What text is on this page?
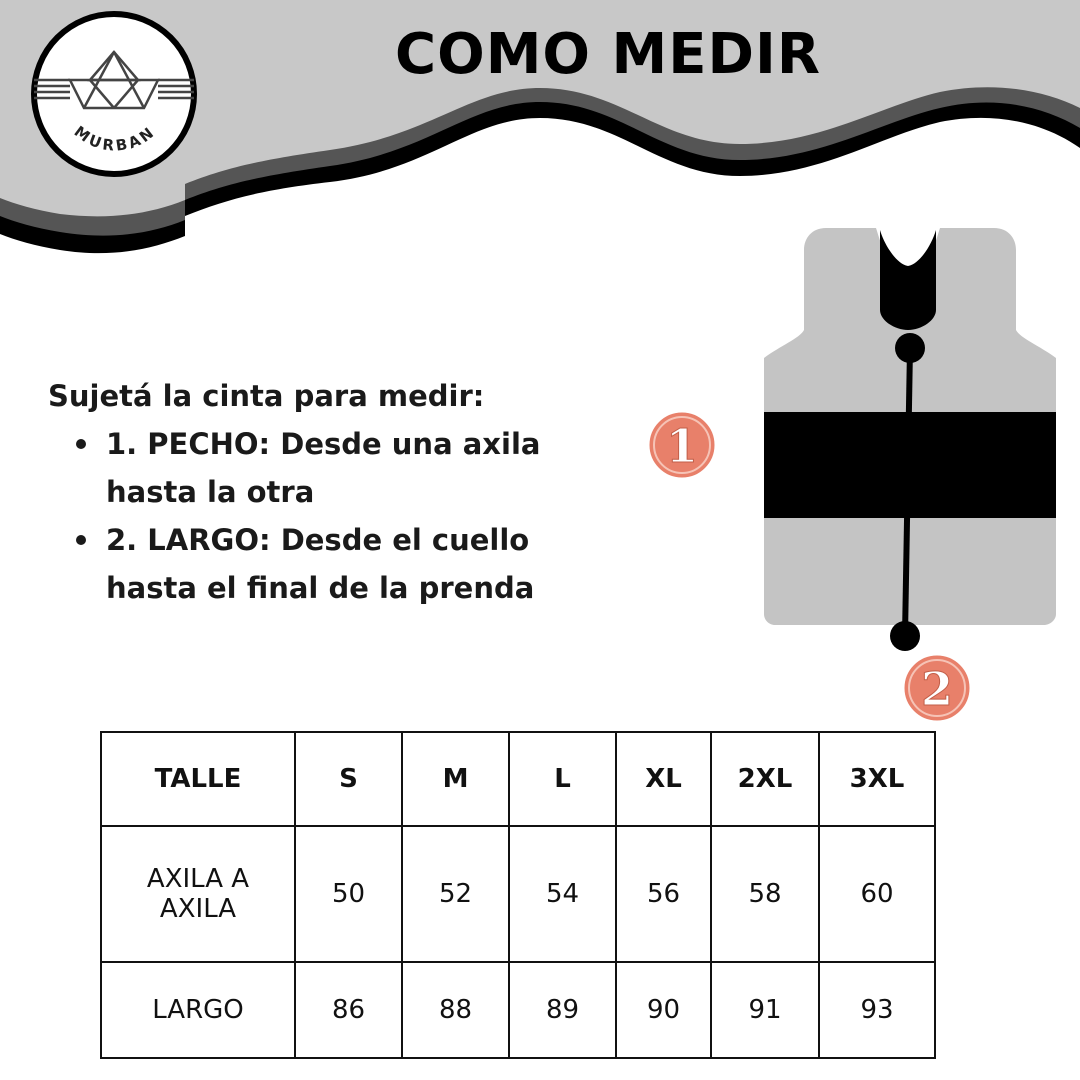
MURBAN
COMO MEDIR

Sujetá la cinta para medir:

1. PECHO: Desde una axila hasta la otra
2. LARGO: Desde el cuello hasta el final de la prenda
1
2
TALLE	S	M	L	XL	2XL	3XL
AXILA A AXILA	50	52	54	56	58	60
LARGO	86	88	89	90	91	93
